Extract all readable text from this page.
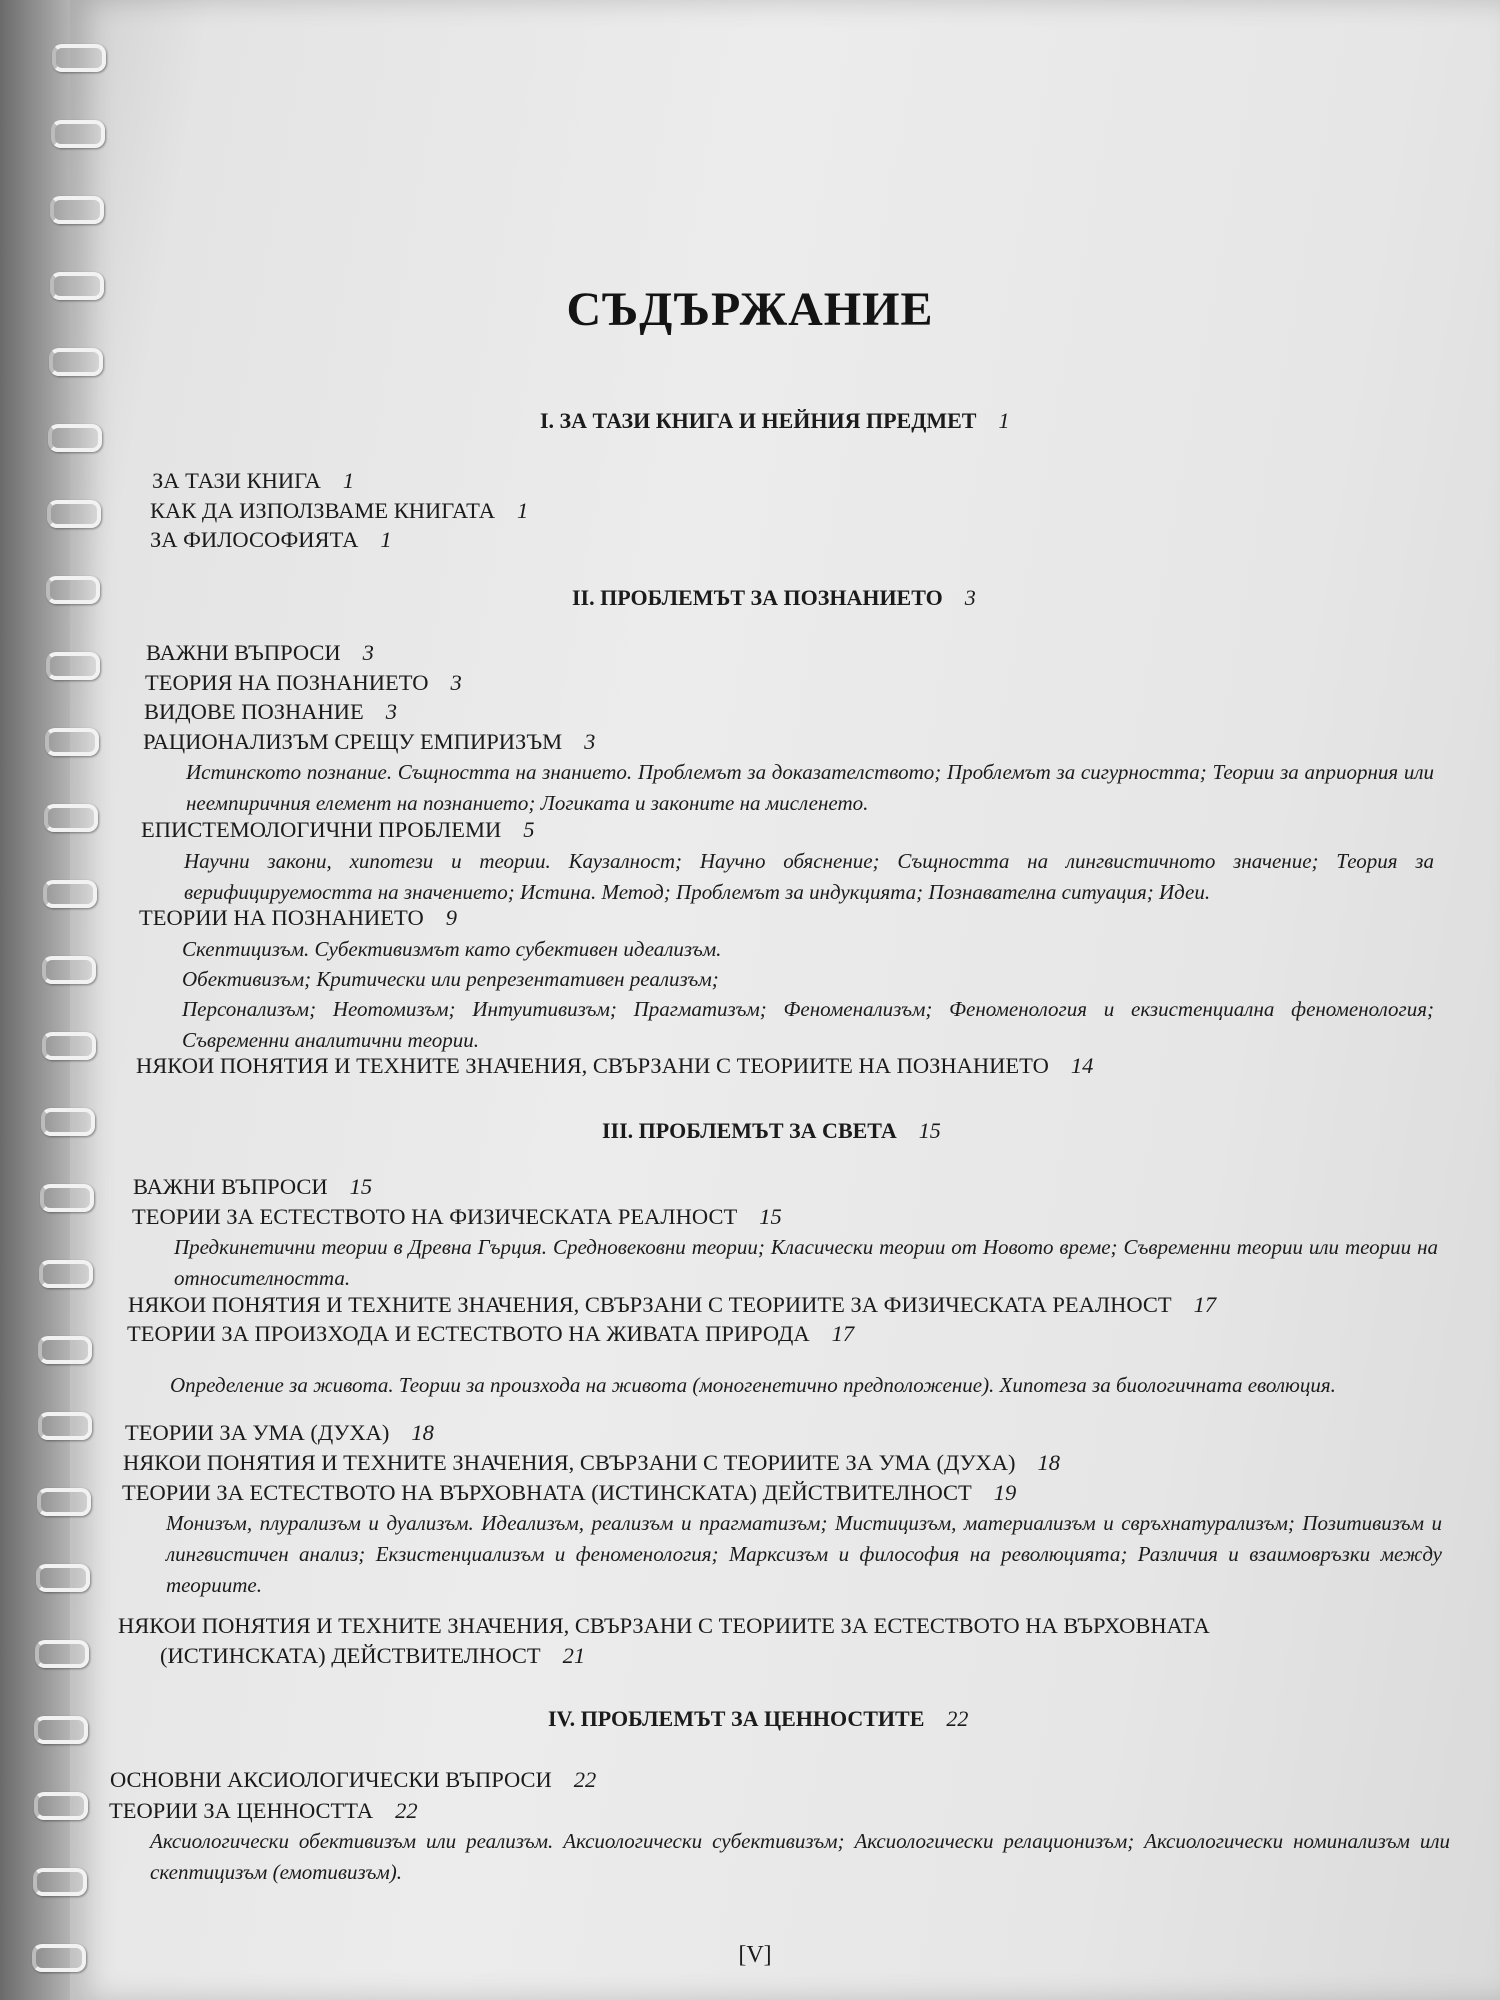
СЪДЪРЖАНИЕ
I. ЗА ТАЗИ КНИГА И НЕЙНИЯ ПРЕДМЕТ 1
ЗА ТАЗИ КНИГА 1
КАК ДА ИЗПОЛЗВАМЕ КНИГАТА 1
ЗА ФИЛОСОФИЯТА 1
II. ПРОБЛЕМЪТ ЗА ПОЗНАНИЕТО 3
ВАЖНИ ВЪПРОСИ 3
ТЕОРИЯ НА ПОЗНАНИЕТО 3
ВИДОВЕ ПОЗНАНИЕ 3
РАЦИОНАЛИЗЪМ СРЕЩУ ЕМПИРИЗЪМ 3

Истинското познание. Същността на знанието. Проблемът за доказателството; Проблемът за сигурността; Теории за априорния или неемпиричния елемент на познанието; Логиката и законите на мисленето.

ЕПИСТЕМОЛОГИЧНИ ПРОБЛЕМИ 5

Научни закони, хипотези и теории. Каузалност; Научно обяснение; Същността на лингвистичното значение; Теория за верифицируемостта на значението; Истина. Метод; Проблемът за индукцията; Познавателна ситуация; Идеи.

ТЕОРИИ НА ПОЗНАНИЕТО 9

Скептицизъм. Субективизмът като субективен идеализъм.

Обективизъм; Критически или репрезентативен реализъм;

Персонализъм; Неотомизъм; Интуитивизъм; Прагматизъм; Феноменализъм; Феноменология и екзистенциална феноменология; Съвременни аналитични теории.

НЯКОИ ПОНЯТИЯ И ТЕХНИТЕ ЗНАЧЕНИЯ, СВЪРЗАНИ С ТЕОРИИТЕ НА ПОЗНАНИЕТО 14
III. ПРОБЛЕМЪТ ЗА СВЕТА 15
ВАЖНИ ВЪПРОСИ 15
ТЕОРИИ ЗА ЕСТЕСТВОТО НА ФИЗИЧЕСКАТА РЕАЛНОСТ 15

Предкинетични теории в Древна Гърция. Средновековни теории; Класически теории от Новото време; Съвременни теории или теории на относителността.

НЯКОИ ПОНЯТИЯ И ТЕХНИТЕ ЗНАЧЕНИЯ, СВЪРЗАНИ С ТЕОРИИТЕ ЗА ФИЗИЧЕСКАТА РЕАЛНОСТ 17
ТЕОРИИ ЗА ПРОИЗХОДА И ЕСТЕСТВОТО НА ЖИВАТА ПРИРОДА 17

Определение за живота. Теории за произхода на живота (моногенетично предположение). Хипотеза за биологичната еволюция.

ТЕОРИИ ЗА УМА (ДУХА) 18
НЯКОИ ПОНЯТИЯ И ТЕХНИТЕ ЗНАЧЕНИЯ, СВЪРЗАНИ С ТЕОРИИТЕ ЗА УМА (ДУХА) 18
ТЕОРИИ ЗА ЕСТЕСТВОТО НА ВЪРХОВНАТА (ИСТИНСКАТА) ДЕЙСТВИТЕЛНОСТ 19

Монизъм, плурализъм и дуализъм. Идеализъм, реализъм и прагматизъм; Мистицизъм, материализъм и свръхнатурализъм; Позитивизъм и лингвистичен анализ; Екзистенциализъм и феноменология; Марксизъм и философия на революцията; Различия и взаимовръзки между теориите.

НЯКОИ ПОНЯТИЯ И ТЕХНИТЕ ЗНАЧЕНИЯ, СВЪРЗАНИ С ТЕОРИИТЕ ЗА ЕСТЕСТВОТО НА ВЪРХОВНАТА
(ИСТИНСКАТА) ДЕЙСТВИТЕЛНОСТ 21
IV. ПРОБЛЕМЪТ ЗА ЦЕННОСТИТЕ 22
ОСНОВНИ АКСИОЛОГИЧЕСКИ ВЪПРОСИ 22
ТЕОРИИ ЗА ЦЕННОСТТА 22

Аксиологически обективизъм или реализъм. Аксиологически субективизъм; Аксиологически релационизъм; Аксиологически номинализъм или скептицизъм (емотивизъм).

[V]
